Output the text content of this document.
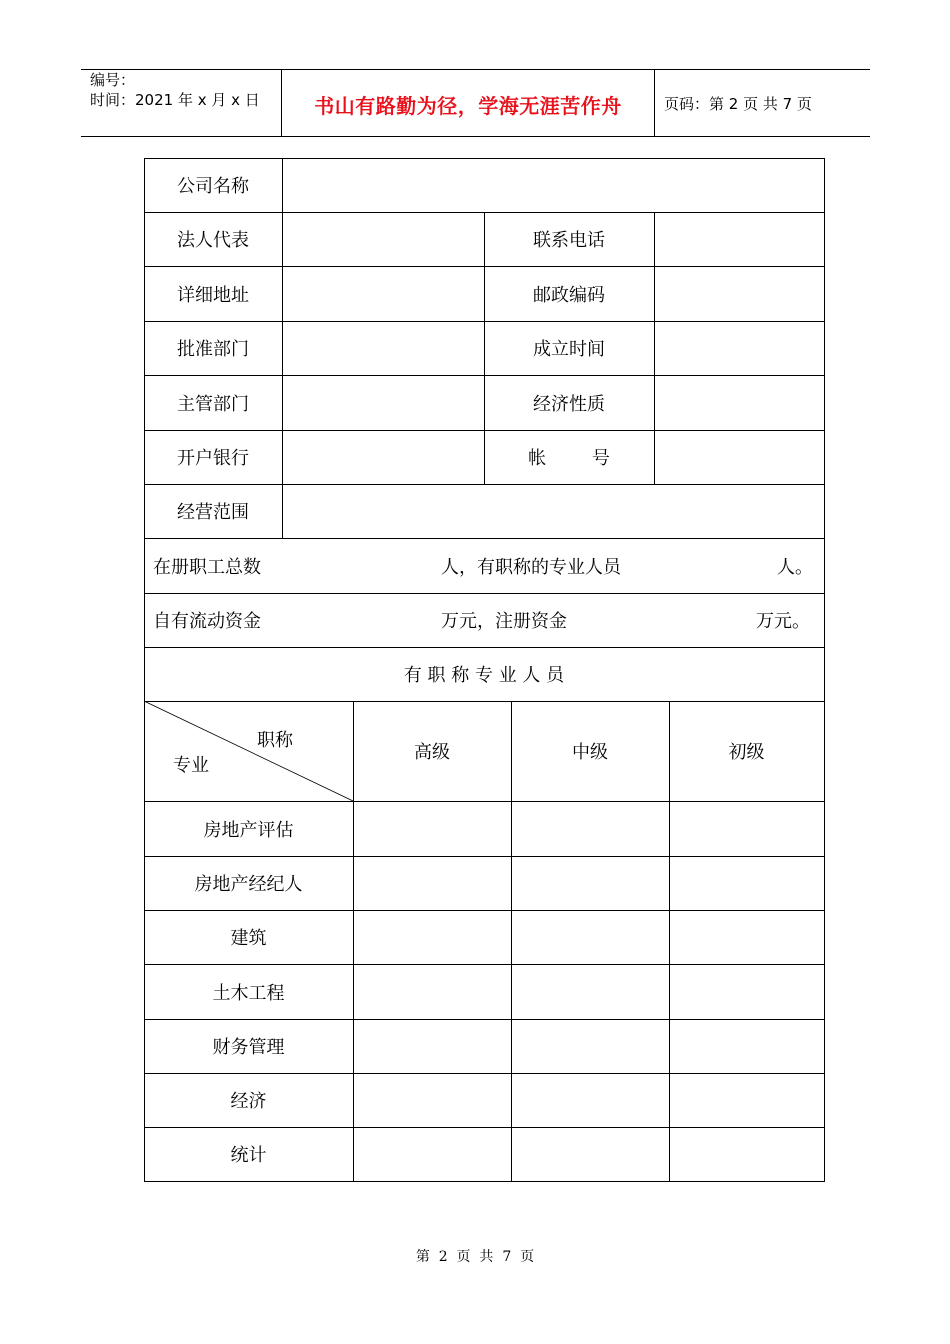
编号：
时间：2021 年 x 月 x 日	书山有路勤为径，学海无涯苦作舟	页码：第 2 页 共 7 页
公司名称
法人代表	联系电话
详细地址	邮政编码
批准部门	成立时间
主管部门	经济性质
开户银行	帐        号
经营范围
在册职工总数	人，有职称的专业人员	人。
自有流动资金	万元，注册资金	万元。
有 职 称 专 业 人 员
职称
专业
高级	中级	初级
房地产评估
房地产经纪人
建筑
土木工程
财务管理
经济
统计
第  2  页  共  7  页
